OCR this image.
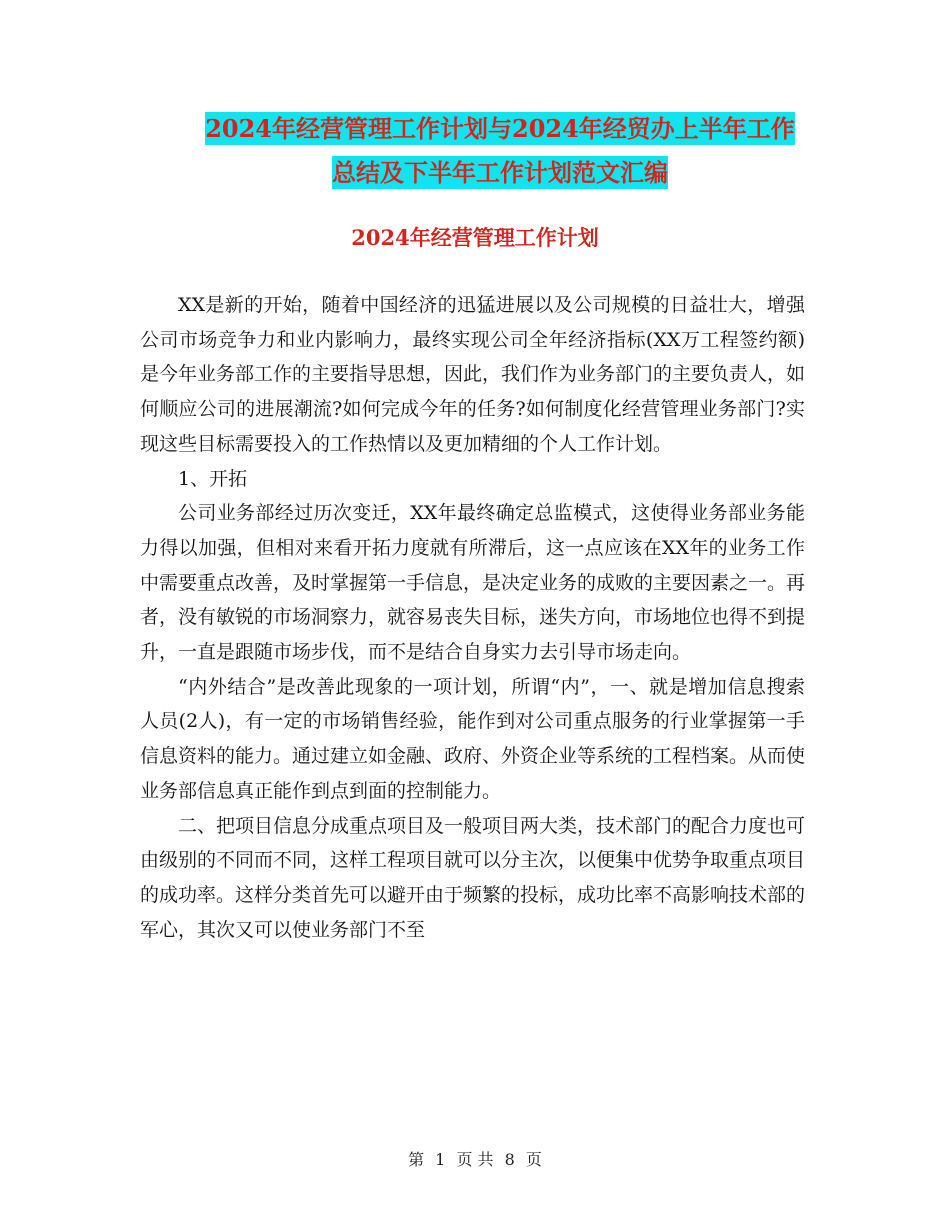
2024年经营管理工作计划与2024年经贸办上半年工作
总结及下半年工作计划范文汇编
2024年经营管理工作计划

XX是新的开始，随着中国经济的迅猛进展以及公司规模的日益壮大，增强公司市场竞争力和业内影响力，最终实现公司全年经济指标(XX万工程签约额)是今年业务部工作的主要指导思想，因此，我们作为业务部门的主要负责人，如何顺应公司的进展潮流?如何完成今年的任务?如何制度化经营管理业务部门?实现这些目标需要投入的工作热情以及更加精细的个人工作计划。

1、开拓

公司业务部经过历次变迁，XX年最终确定总监模式，这使得业务部业务能力得以加强，但相对来看开拓力度就有所滞后，这一点应该在XX年的业务工作中需要重点改善，及时掌握第一手信息，是决定业务的成败的主要因素之一。再者，没有敏锐的市场洞察力，就容易丧失目标，迷失方向，市场地位也得不到提升，一直是跟随市场步伐，而不是结合自身实力去引导市场走向。

“内外结合”是改善此现象的一项计划，所谓“内”，一、就是增加信息搜索人员(2人)，有一定的市场销售经验，能作到对公司重点服务的行业掌握第一手信息资料的能力。通过建立如金融、政府、外资企业等系统的工程档案。从而使业务部信息真正能作到点到面的控制能力。

二、把项目信息分成重点项目及一般项目两大类，技术部门的配合力度也可由级别的不同而不同，这样工程项目就可以分主次，以便集中优势争取重点项目的成功率。这样分类首先可以避开由于频繁的投标，成功比率不高影响技术部的军心，其次又可以使业务部门不至

第 1 页 共 8 页
